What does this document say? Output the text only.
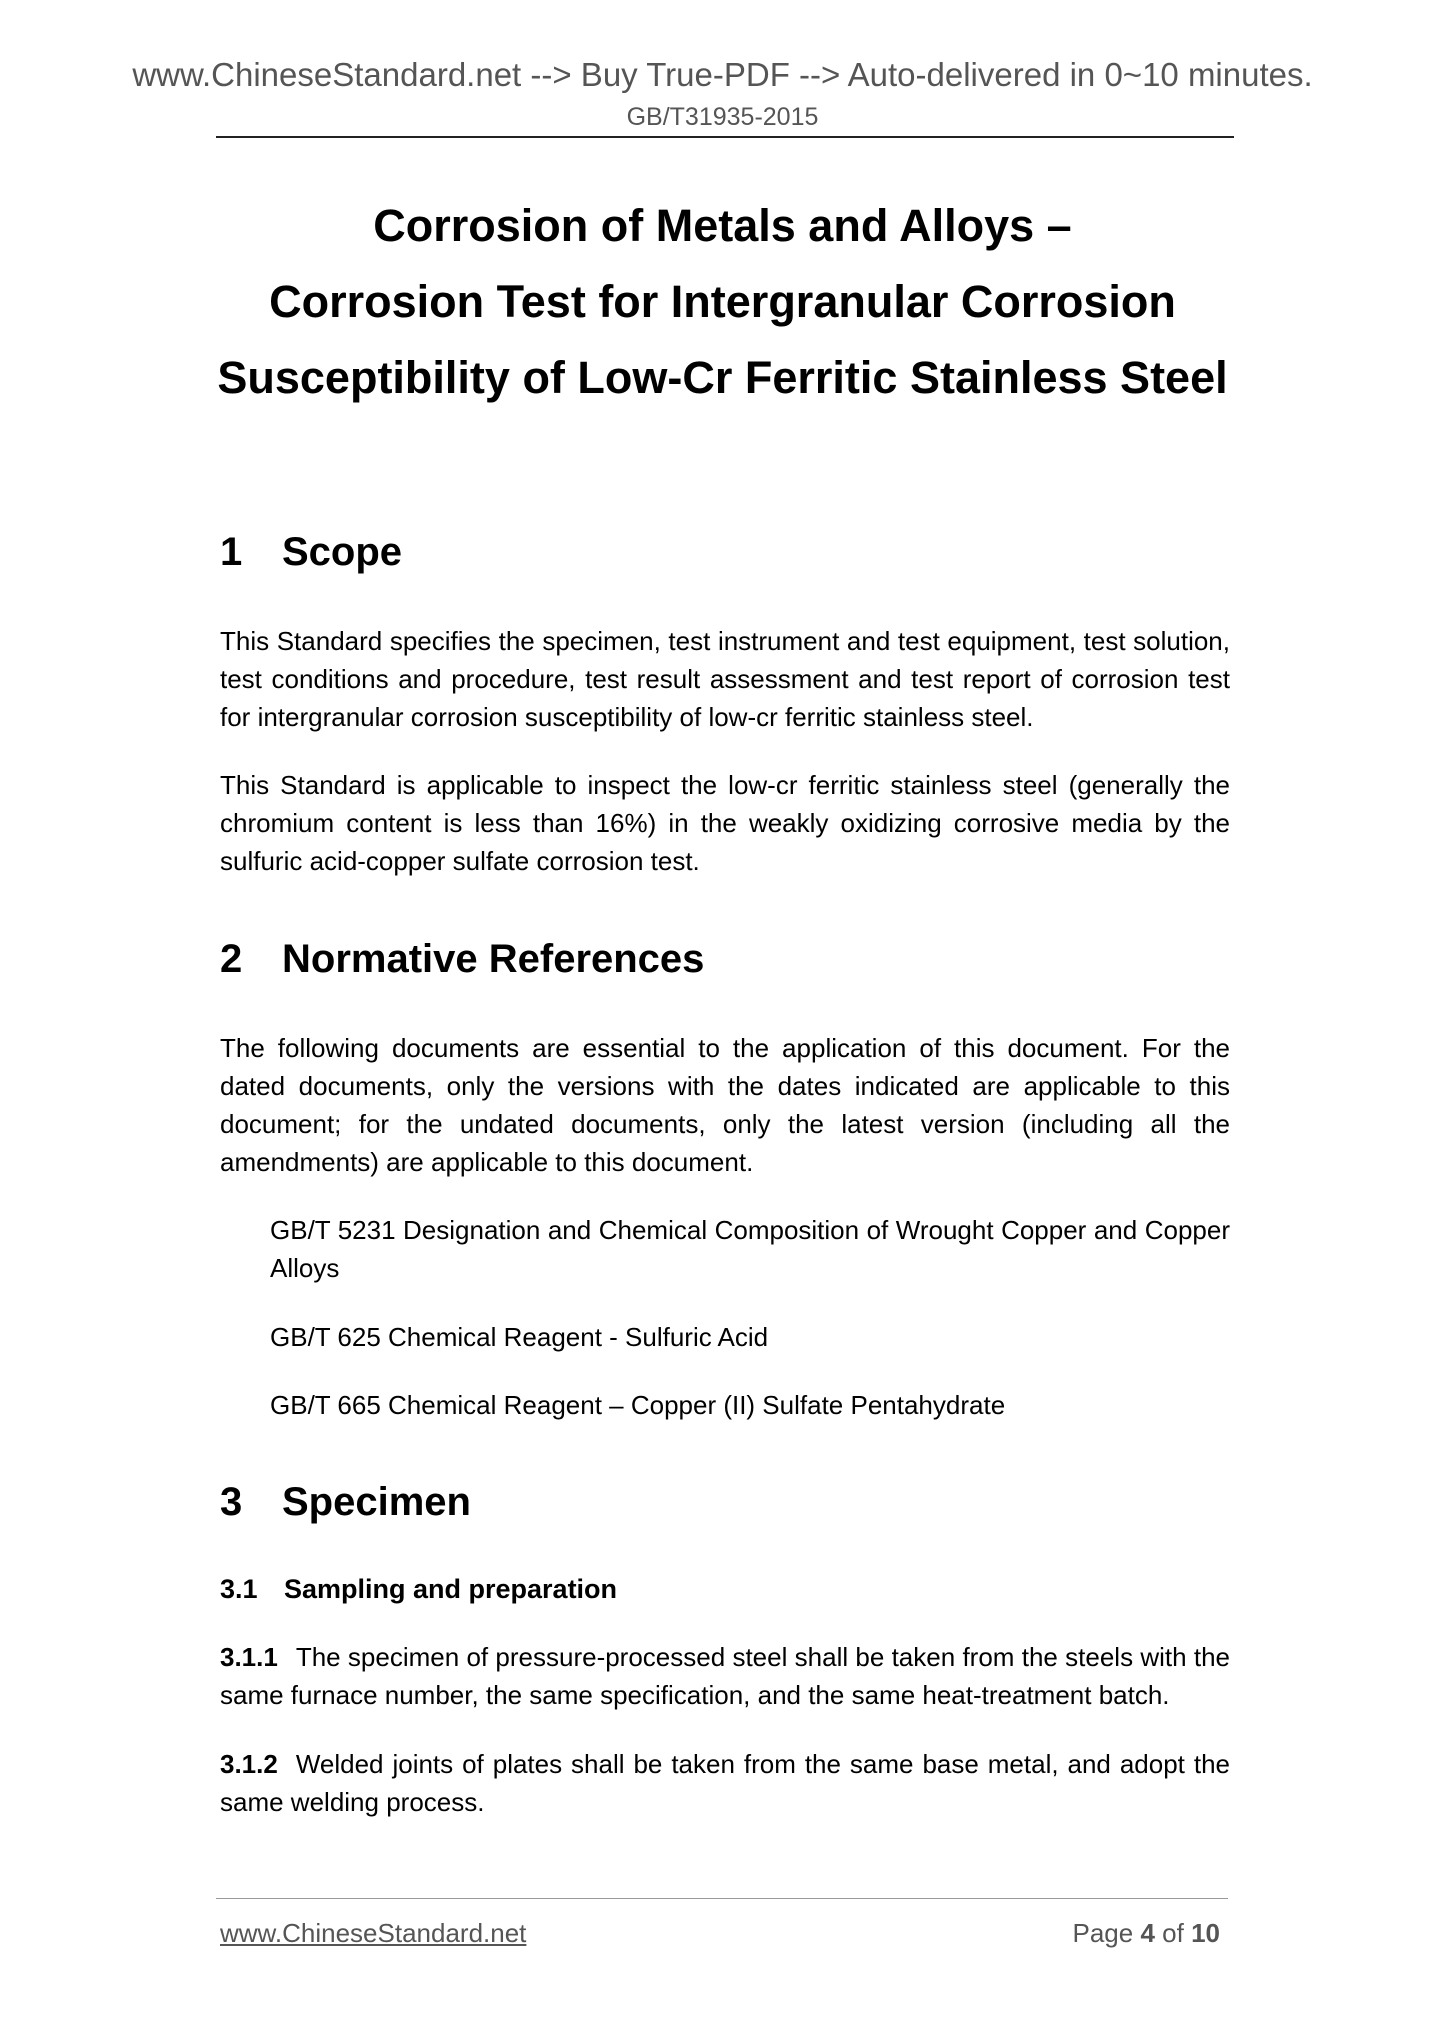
www.ChineseStandard.net --> Buy True-PDF --> Auto-delivered in 0~10 minutes.
GB/T31935-2015
Corrosion of Metals and Alloys –
Corrosion Test for Intergranular Corrosion
Susceptibility of Low-Cr Ferritic Stainless Steel
1 Scope
This Standard specifies the specimen, test instrument and test equipment, test solution, test conditions and procedure, test result assessment and test report of corrosion test for intergranular corrosion susceptibility of low-cr ferritic stainless steel.
This Standard is applicable to inspect the low-cr ferritic stainless steel (generally the chromium content is less than 16%) in the weakly oxidizing corrosive media by the sulfuric acid-copper sulfate corrosion test.
2 Normative References
The following documents are essential to the application of this document. For the dated documents, only the versions with the dates indicated are applicable to this document; for the undated documents, only the latest version (including all the amendments) are applicable to this document.
GB/T 5231 Designation and Chemical Composition of Wrought Copper and Copper Alloys
GB/T 625 Chemical Reagent - Sulfuric Acid
GB/T 665 Chemical Reagent – Copper (II) Sulfate Pentahydrate
3 Specimen
3.1 Sampling and preparation
3.1.1 The specimen of pressure-processed steel shall be taken from the steels with the same furnace number, the same specification, and the same heat-treatment batch.
3.1.2 Welded joints of plates shall be taken from the same base metal, and adopt the same welding process.
www.ChineseStandard.net	Page 4 of 10
